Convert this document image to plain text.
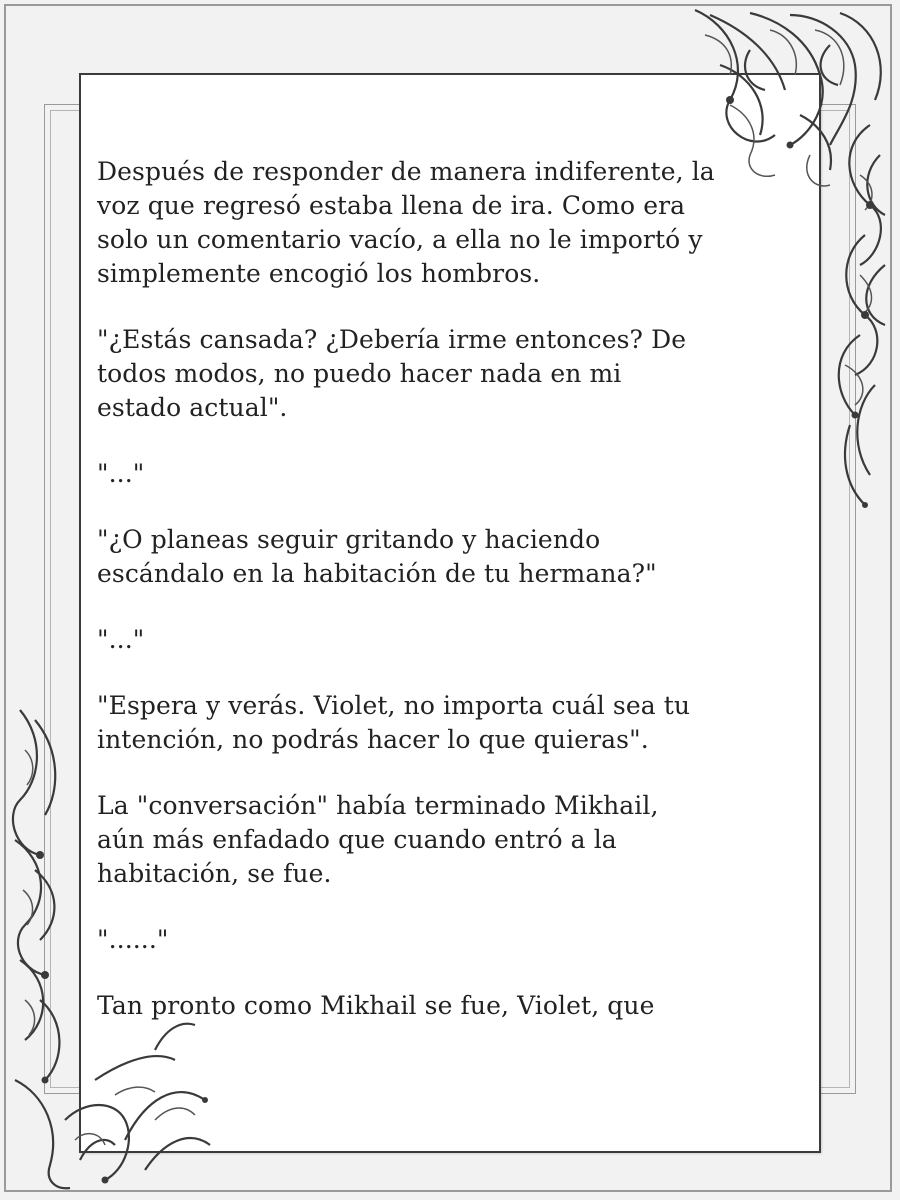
Después de responder de manera indiferente, la
voz que regresó estaba llena de ira. Como era
solo un comentario vacío, a ella no le importó y
simplemente encogió los hombros.

"¿Estás cansada? ¿Debería irme entonces? De
todos modos, no puedo hacer nada en mi
estado actual".

"..."

"¿O planeas seguir gritando y haciendo
escándalo en la habitación de tu hermana?"

"..."

"Espera y verás. Violet, no importa cuál sea tu
intención, no podrás hacer lo que quieras".

La "conversación" había terminado Mikhail,
aún más enfadado que cuando entró a la
habitación, se fue.

"......"

Tan pronto como Mikhail se fue, Violet, que
